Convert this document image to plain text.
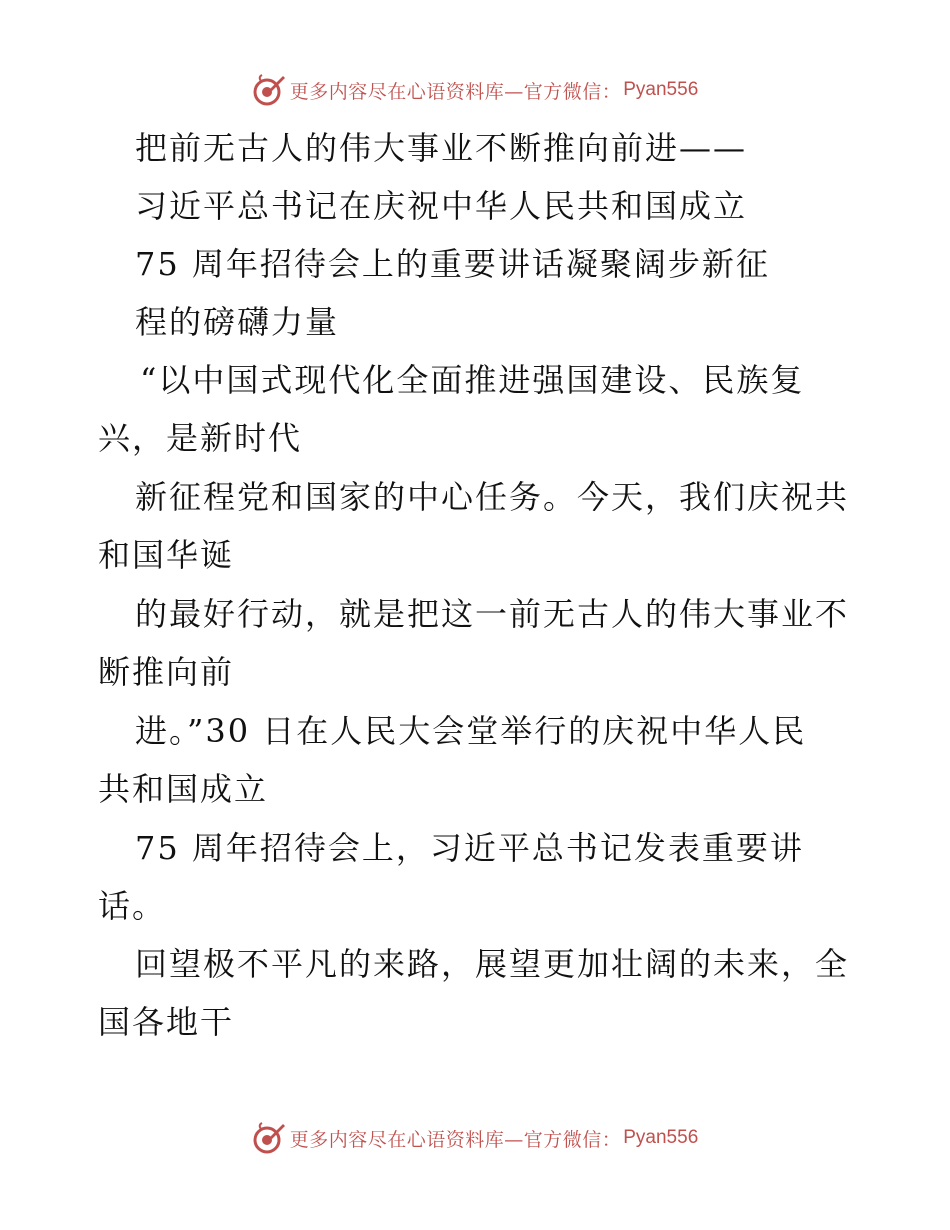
更多内容尽在心语资料库—官方微信： Pyan556
把前无古人的伟大事业不断推向前进——
习近平总书记在庆祝中华人民共和国成立
75 周年招待会上的重要讲话凝聚阔步新征
程的磅礴力量
“以中国式现代化全面推进强国建设、民族复
兴，是新时代
新征程党和国家的中心任务。今天，我们庆祝共
和国华诞
的最好行动，就是把这一前无古人的伟大事业不
断推向前
进。”30 日在人民大会堂举行的庆祝中华人民
共和国成立
75 周年招待会上，习近平总书记发表重要讲
话。
回望极不平凡的来路，展望更加壮阔的未来，全
国各地干
更多内容尽在心语资料库—官方微信： Pyan556
